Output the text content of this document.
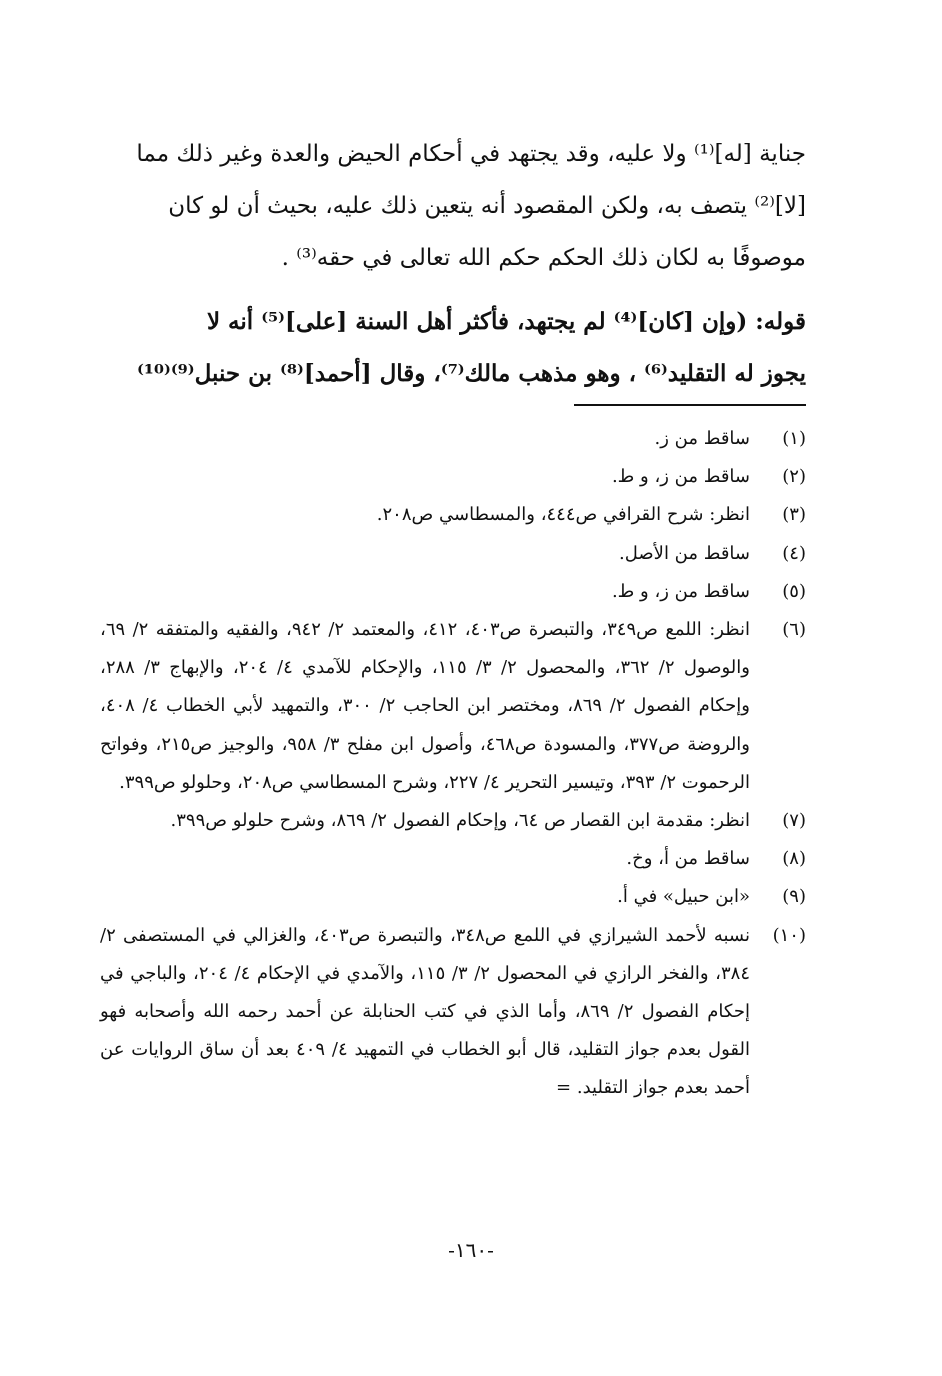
جناية [له]⁽¹⁾ ولا عليه، وقد يجتهد في أحكام الحيض والعدة وغير ذلك مما
[لا]⁽²⁾ يتصف به، ولكن المقصود أنه يتعين ذلك عليه، بحيث أن لو كان
موصوفًا به لكان ذلك الحكم حكم الله تعالى في حقه⁽³⁾ .

قوله: (وإن [كان]⁽⁴⁾ لم يجتهد، فأكثر أهل السنة [على]⁽⁵⁾ أنه لا
يجوز له التقليد⁽⁶⁾ ، وهو مذهب مالك⁽⁷⁾، وقال [أحمد]⁽⁸⁾ بن حنبل⁽⁹⁾⁽¹⁰⁾

(١)
ساقط من ز.
(٢)
ساقط من ز، و ط.
(٣)
انظر: شرح القرافي ص٤٤٤، والمسطاسي ص٢٠٨.
(٤)
ساقط من الأصل.
(٥)
ساقط من ز، و ط.
(٦)
انظر: اللمع ص٣٤٩، والتبصرة ص٤٠٣، ٤١٢، والمعتمد ٢/ ٩٤٢، والفقيه والمتفقه ٢/ ٦٩، والوصول ٢/ ٣٦٢، والمحصول ٢/ ٣/ ١١٥، والإحكام للآمدي ٤/ ٢٠٤، والإبهاج ٣/ ٢٨٨، وإحكام الفصول ٢/ ٨٦٩، ومختصر ابن الحاجب ٢/ ٣٠٠، والتمهيد لأبي الخطاب ٤/ ٤٠٨، والروضة ص٣٧٧، والمسودة ص٤٦٨، وأصول ابن مفلح ٣/ ٩٥٨، والوجيز ص٢١٥، وفواتح الرحموت ٢/ ٣٩٣، وتيسير التحرير ٤/ ٢٢٧، وشرح المسطاسي ص٢٠٨، وحلولو ص٣٩٩.
(٧)
انظر: مقدمة ابن القصار ص ٦٤، وإحكام الفصول ٢/ ٨٦٩، وشرح حلولو ص٣٩٩.
(٨)
ساقط من أ، وخ.
(٩)
«ابن حبيل» في أ.
(١٠)
نسبه لأحمد الشيرازي في اللمع ص٣٤٨، والتبصرة ص٤٠٣، والغزالي في المستصفى ٢/ ٣٨٤، والفخر الرازي في المحصول ٢/ ٣/ ١١٥، والآمدي في الإحكام ٤/ ٢٠٤، والباجي في إحكام الفصول ٢/ ٨٦٩، وأما الذي في كتب الحنابلة عن أحمد رحمه الله وأصحابه فهو القول بعدم جواز التقليد، قال أبو الخطاب في التمهيد ٤/ ٤٠٩ بعد أن ساق الروايات عن أحمد بعدم جواز التقليد. =
-١٦٠-
